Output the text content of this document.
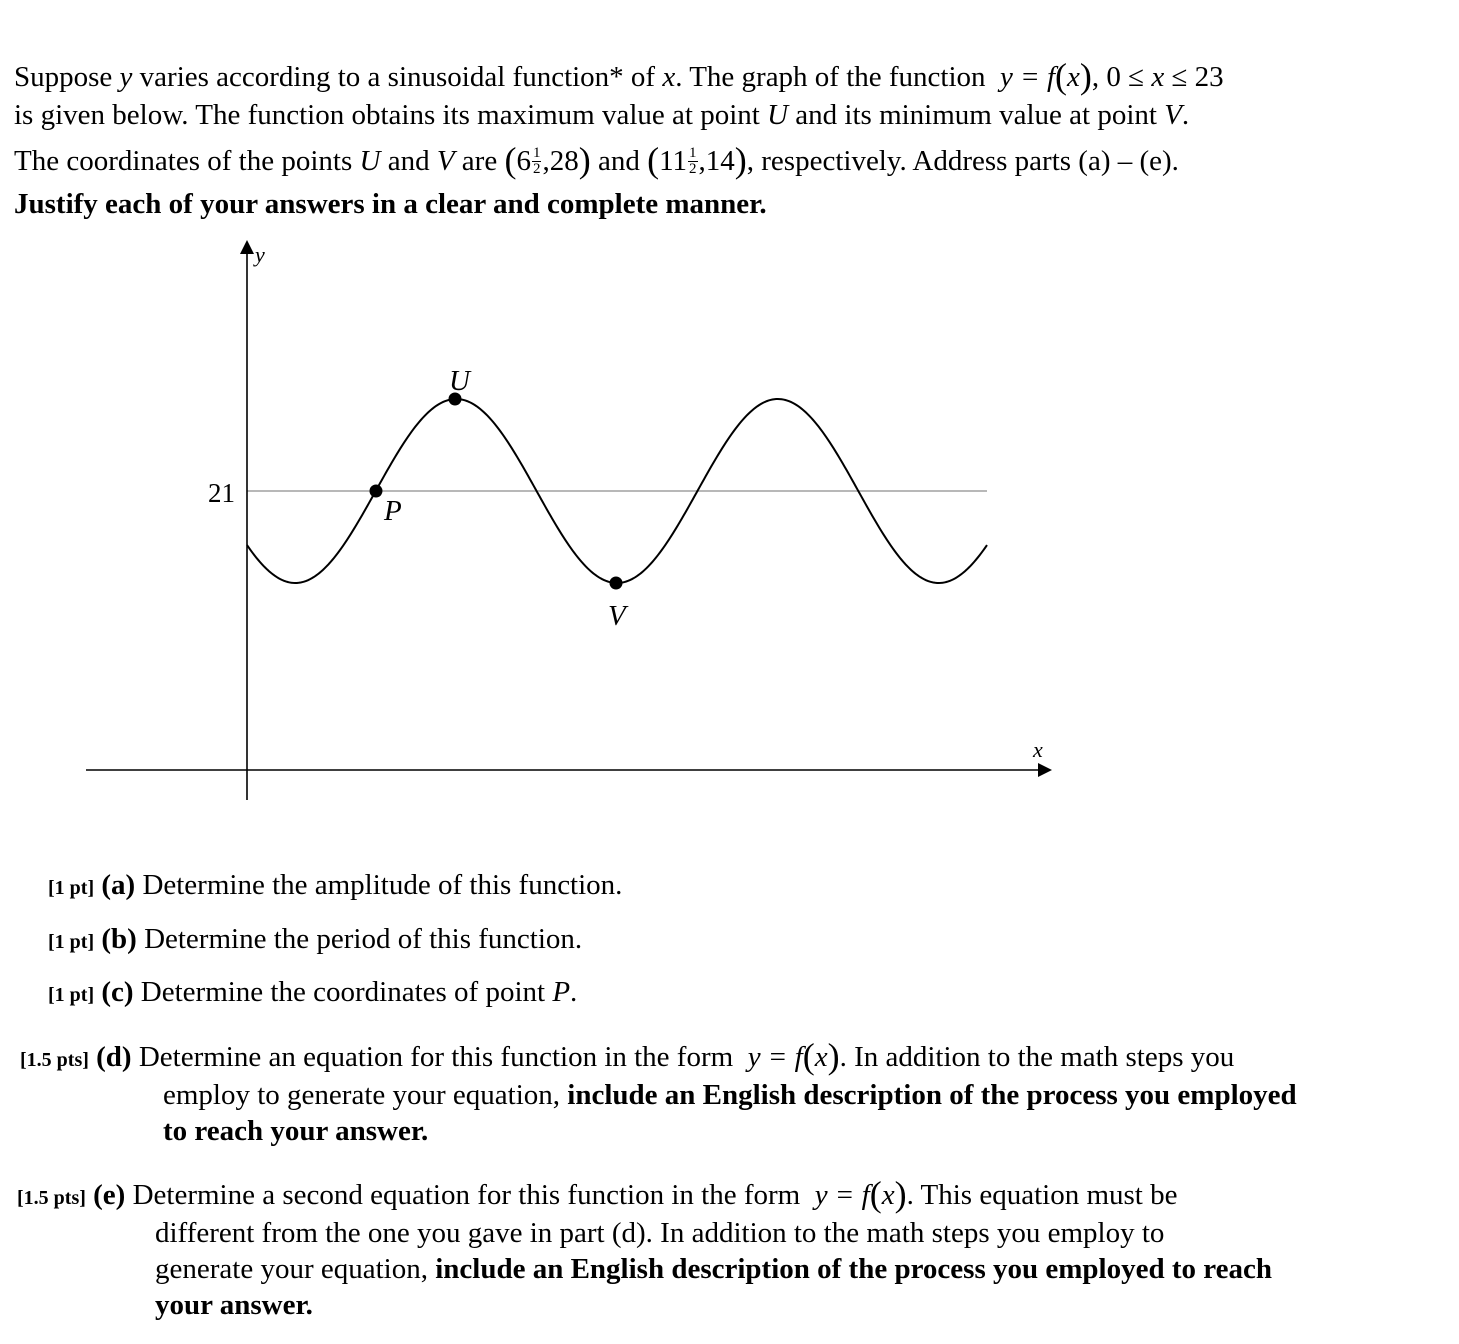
Suppose y varies according to a sinusoidal function* of x. The graph of the function y = f(x), 0 ≤ x ≤ 23
is given below. The function obtains its maximum value at point U and its minimum value at point V.
The coordinates of the points U and V are $(6 \frac{1}{2} ,28)$ and $(11 \frac{1}{2} ,14)$, respectively. Address parts (a) – (e).
Justify each of your answers in a clear and complete manner.
y
x
21
U
V
P
[1 pt] (a) Determine the amplitude of this function.
[1 pt] (b) Determine the period of this function.
[1 pt] (c) Determine the coordinates of point P.
[1.5 pts] (d) Determine an equation for this function in the form y = f(x). In addition to the math steps you
employ to generate your equation, include an English description of the process you employed
to reach your answer.
[1.5 pts] (e) Determine a second equation for this function in the form y = f(x). This equation must be
different from the one you gave in part (d). In addition to the math steps you employ to
generate your equation, include an English description of the process you employed to reach
your answer.
